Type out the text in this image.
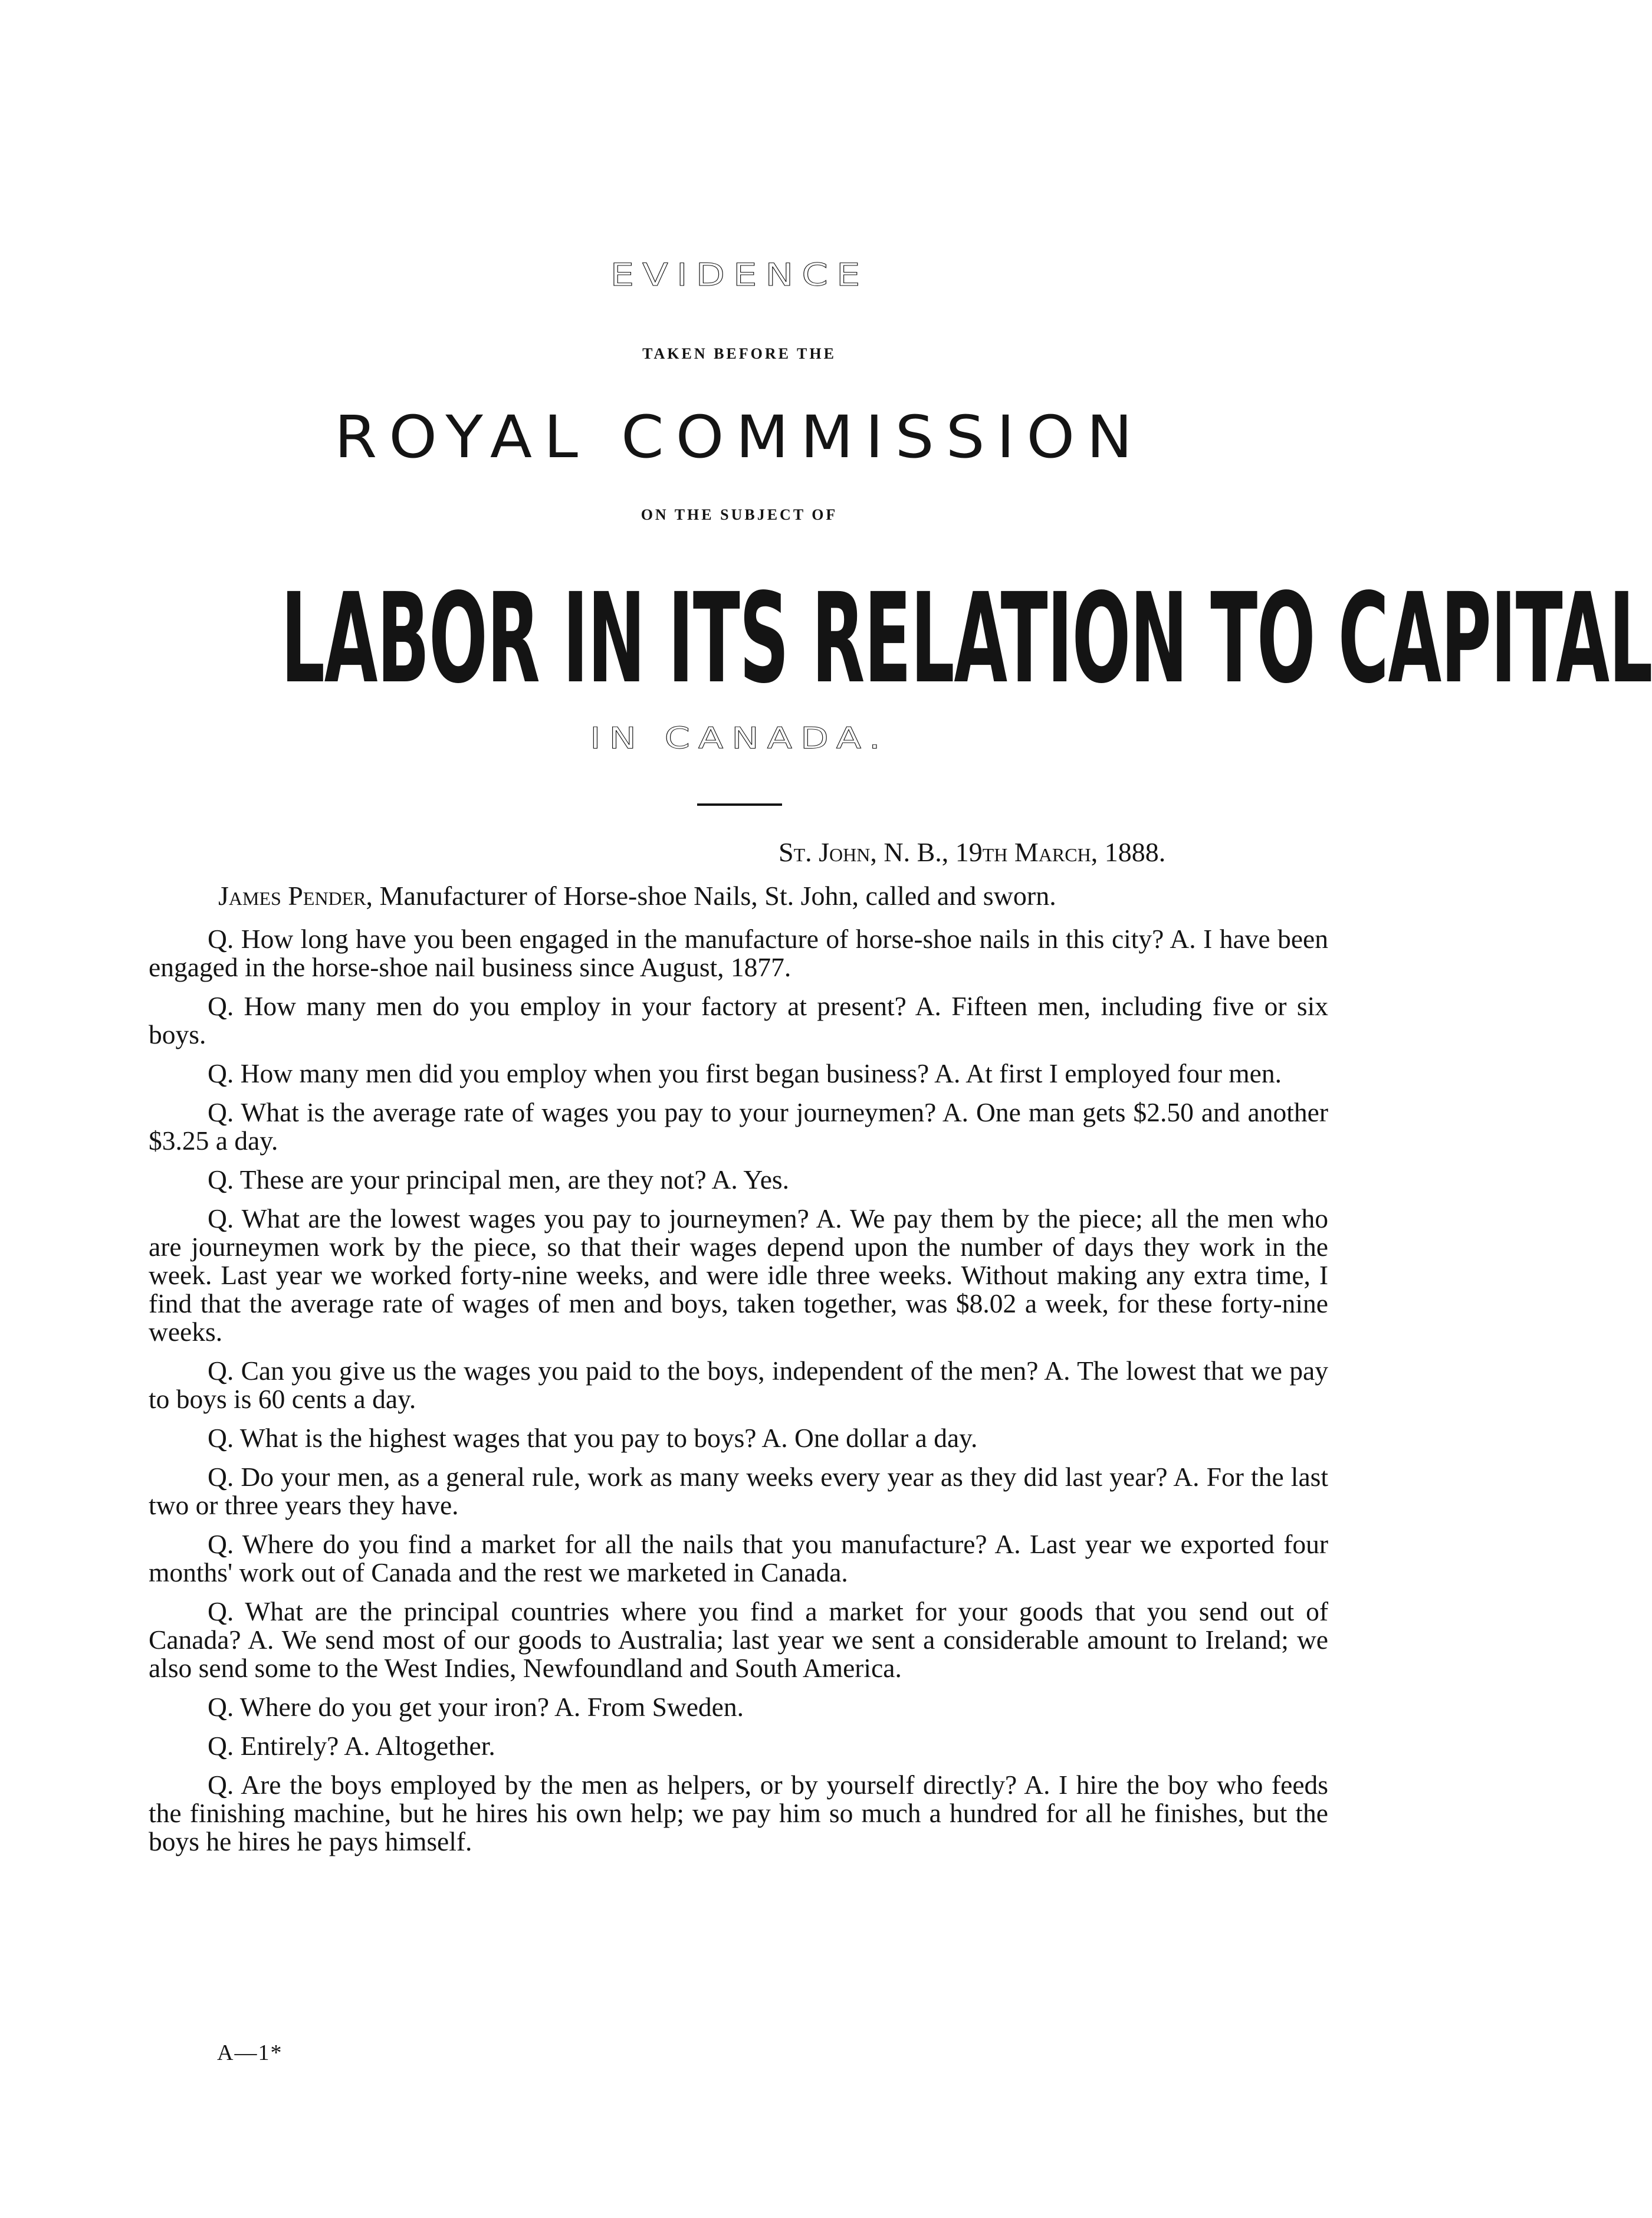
EVIDENCE
TAKEN BEFORE THE
ROYAL COMMISSION
ON THE SUBJECT OF
LABOR IN ITS RELATION TO CAPITAL
IN CANADA.
St. John, N. B., 19th March, 1888.
James Pender, Manufacturer of Horse-shoe Nails, St. John, called and sworn.

Q. How long have you been engaged in the manufacture of horse-shoe nails in this city? A. I have been engaged in the horse-shoe nail business since August, 1877.

Q. How many men do you employ in your factory at present? A. Fifteen men, including five or six boys.

Q. How many men did you employ when you first began business? A. At first I employed four men.

Q. What is the average rate of wages you pay to your journeymen? A. One man gets $2.50 and another $3.25 a day.

Q. These are your principal men, are they not? A. Yes.

Q. What are the lowest wages you pay to journeymen? A. We pay them by the piece; all the men who are journeymen work by the piece, so that their wages depend upon the number of days they work in the week. Last year we worked forty-nine weeks, and were idle three weeks. Without making any extra time, I find that the average rate of wages of men and boys, taken together, was $8.02 a week, for these forty-nine weeks.

Q. Can you give us the wages you paid to the boys, independent of the men? A. The lowest that we pay to boys is 60 cents a day.

Q. What is the highest wages that you pay to boys? A. One dollar a day.

Q. Do your men, as a general rule, work as many weeks every year as they did last year? A. For the last two or three years they have.

Q. Where do you find a market for all the nails that you manufacture? A. Last year we exported four months' work out of Canada and the rest we marketed in Canada.

Q. What are the principal countries where you find a market for your goods that you send out of Canada? A. We send most of our goods to Australia; last year we sent a considerable amount to Ireland; we also send some to the West Indies, Newfoundland and South America.

Q. Where do you get your iron? A. From Sweden.

Q. Entirely? A. Altogether.

Q. Are the boys employed by the men as helpers, or by yourself directly? A. I hire the boy who feeds the finishing machine, but he hires his own help; we pay him so much a hundred for all he finishes, but the boys he hires he pays himself.

A—1*
